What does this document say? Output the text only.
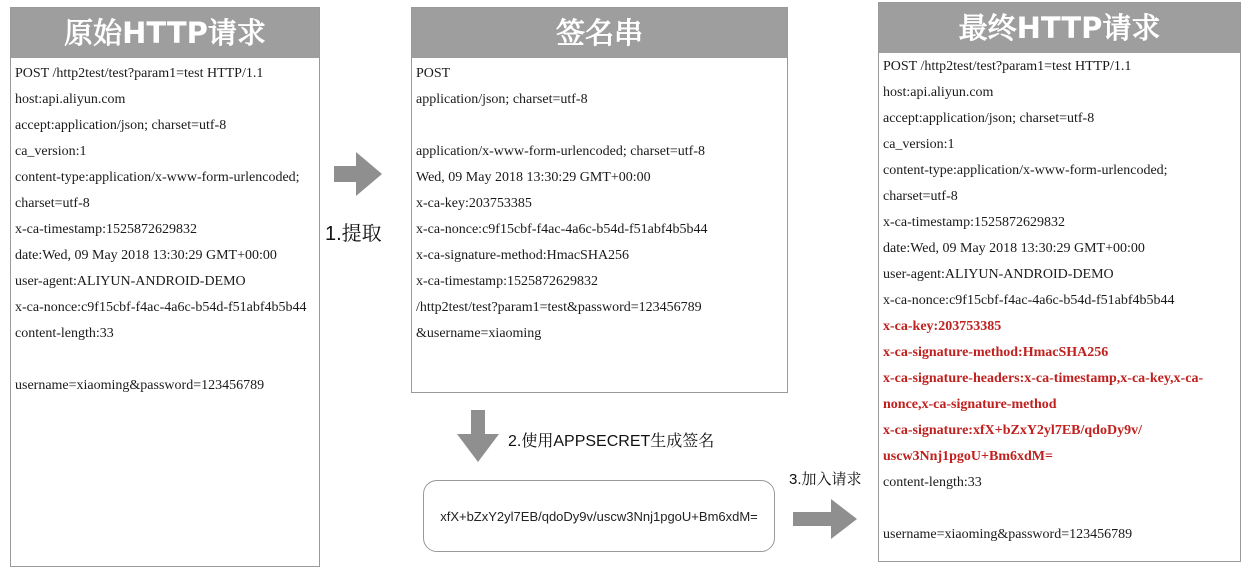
原始HTTP请求
POST /http2test/test?param1=test HTTP/1.1
host:api.aliyun.com
accept:application/json; charset=utf-8
ca_version:1
content-type:application/x-www-form-urlencoded;
charset=utf-8
x-ca-timestamp:1525872629832
date:Wed, 09 May 2018 13:30:29 GMT+00:00
user-agent:ALIYUN-ANDROID-DEMO
x-ca-nonce:c9f15cbf-f4ac-4a6c-b54d-f51abf4b5b44
content-length:33
username=xiaoming&password=123456789
签名串
POST
application/json; charset=utf-8
application/x-www-form-urlencoded; charset=utf-8
Wed, 09 May 2018 13:30:29 GMT+00:00
x-ca-key:203753385
x-ca-nonce:c9f15cbf-f4ac-4a6c-b54d-f51abf4b5b44
x-ca-signature-method:HmacSHA256
x-ca-timestamp:1525872629832
/http2test/test?param1=test&password=123456789
&username=xiaoming
最终HTTP请求
POST /http2test/test?param1=test HTTP/1.1
host:api.aliyun.com
accept:application/json; charset=utf-8
ca_version:1
content-type:application/x-www-form-urlencoded;
charset=utf-8
x-ca-timestamp:1525872629832
date:Wed, 09 May 2018 13:30:29 GMT+00:00
user-agent:ALIYUN-ANDROID-DEMO
x-ca-nonce:c9f15cbf-f4ac-4a6c-b54d-f51abf4b5b44
x-ca-key:203753385
x-ca-signature-method:HmacSHA256
x-ca-signature-headers:x-ca-timestamp,x-ca-key,x-ca-
nonce,x-ca-signature-method
x-ca-signature:xfX+bZxY2yl7EB/qdoDy9v/
uscw3Nnj1pgoU+Bm6xdM=
content-length:33
username=xiaoming&password=123456789
1.提取
2.使用APPSECRET生成签名
xfX+bZxY2yl7EB/qdoDy9v/uscw3Nnj1pgoU+Bm6xdM=
3.加入请求
